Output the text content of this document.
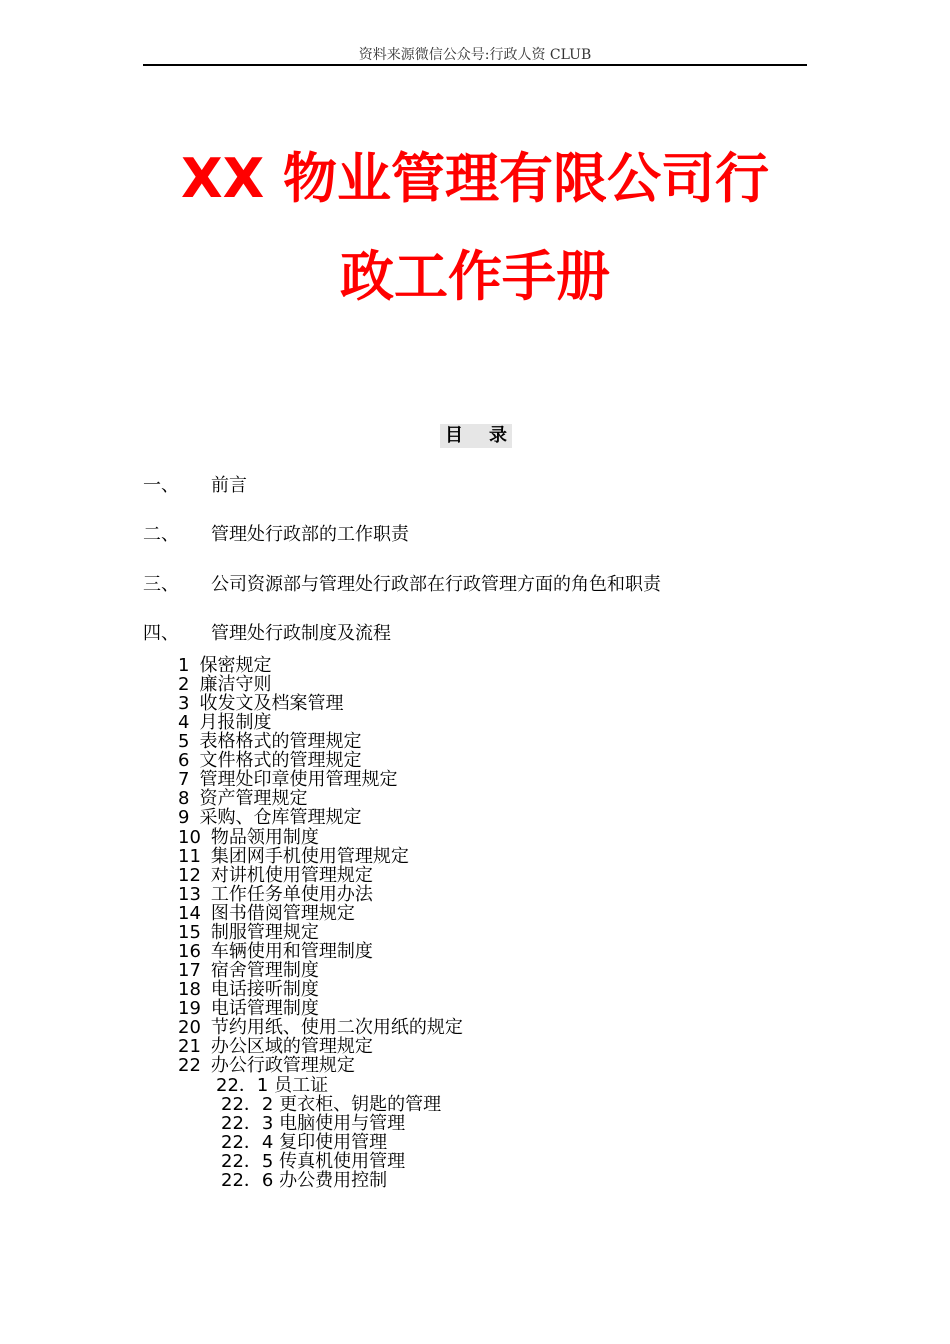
资料来源微信公众号:行政人资 CLUB
XX 物业管理有限公司行
政工作手册
目 录
一、	前言
二、	管理处行政部的工作职责
三、	公司资源部与管理处行政部在行政管理方面的角色和职责
四、	管理处行政制度及流程
1 保密规定
2 廉洁守则
3 收发文及档案管理
4 月报制度
5 表格格式的管理规定
6 文件格式的管理规定
7 管理处印章使用管理规定
8 资产管理规定
9 采购、仓库管理规定
10 物品领用制度
11 集团网手机使用管理规定
12 对讲机使用管理规定
13 工作任务单使用办法
14 图书借阅管理规定
15 制服管理规定
16 车辆使用和管理制度
17 宿舍管理制度
18 电话接听制度
19 电话管理制度
20 节约用纸、使用二次用纸的规定
21 办公区域的管理规定
22 办公行政管理规定
22．1 员工证
22．2 更衣柜、钥匙的管理
22．3 电脑使用与管理
22．4 复印使用管理
22．5 传真机使用管理
22．6 办公费用控制
